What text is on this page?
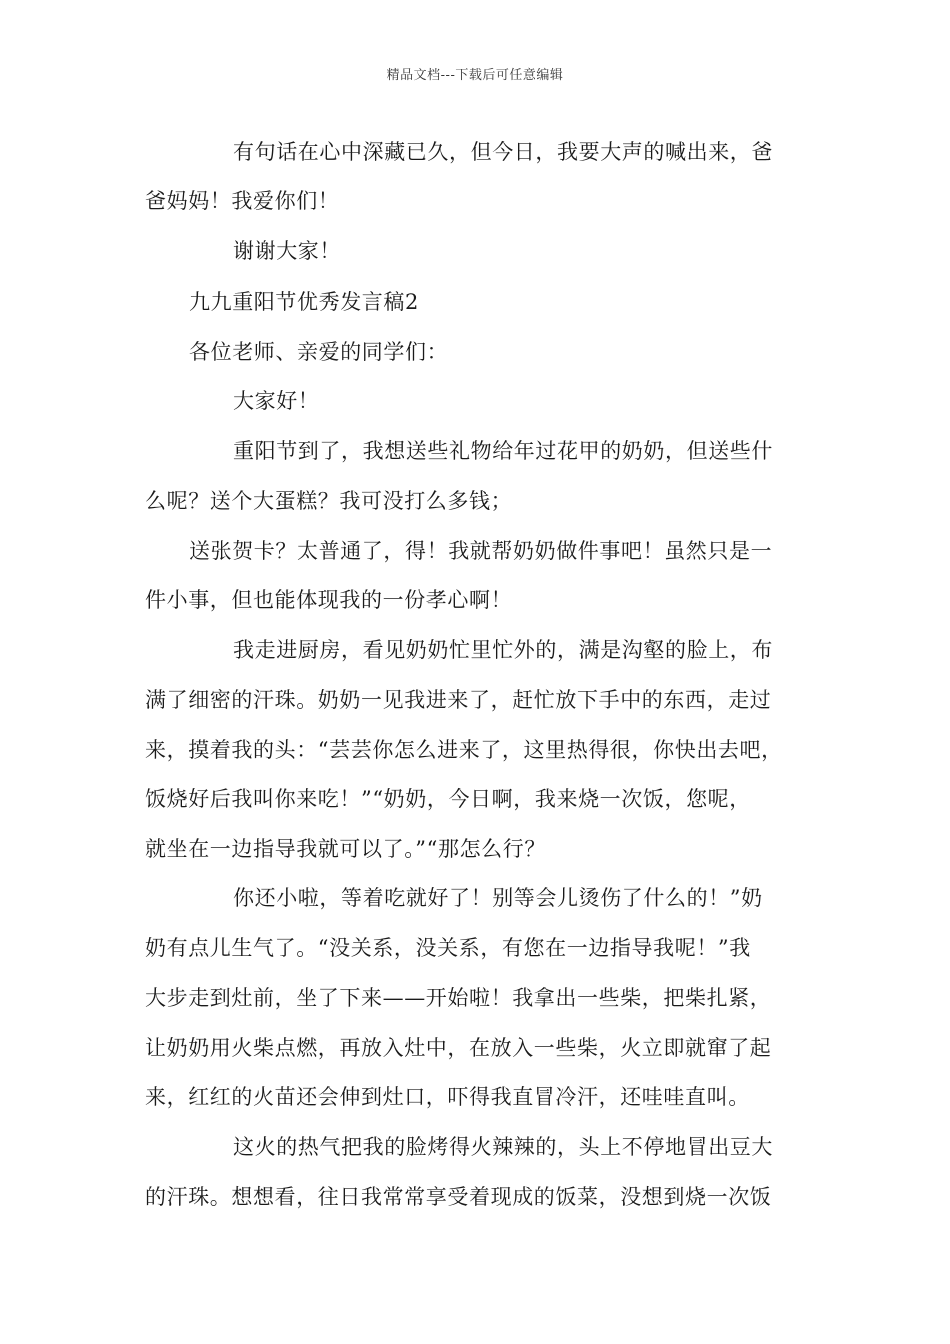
精品文档---下载后可任意编辑
有句话在心中深藏已久，但今日，我要大声的喊出来，爸
爸妈妈！我爱你们！
谢谢大家！
九九重阳节优秀发言稿2
各位老师、亲爱的同学们：
大家好！
重阳节到了，我想送些礼物给年过花甲的奶奶，但送些什
么呢？送个大蛋糕？我可没打么多钱；
送张贺卡？太普通了，得！我就帮奶奶做件事吧！虽然只是一
件小事，但也能体现我的一份孝心啊！
我走进厨房，看见奶奶忙里忙外的，满是沟壑的脸上，布
满了细密的汗珠。奶奶一见我进来了，赶忙放下手中的东西，走过
来，摸着我的头：“芸芸你怎么进来了，这里热得很，你快出去吧，
饭烧好后我叫你来吃！”“奶奶，今日啊，我来烧一次饭，您呢，
就坐在一边指导我就可以了。”“那怎么行？
你还小啦，等着吃就好了！别等会儿烫伤了什么的！”奶
奶有点儿生气了。“没关系，没关系，有您在一边指导我呢！”我
大步走到灶前，坐了下来——开始啦！我拿出一些柴，把柴扎紧，
让奶奶用火柴点燃，再放入灶中，在放入一些柴，火立即就窜了起
来，红红的火苗还会伸到灶口，吓得我直冒冷汗，还哇哇直叫。
这火的热气把我的脸烤得火辣辣的，头上不停地冒出豆大
的汗珠。想想看，往日我常常享受着现成的饭菜，没想到烧一次饭
